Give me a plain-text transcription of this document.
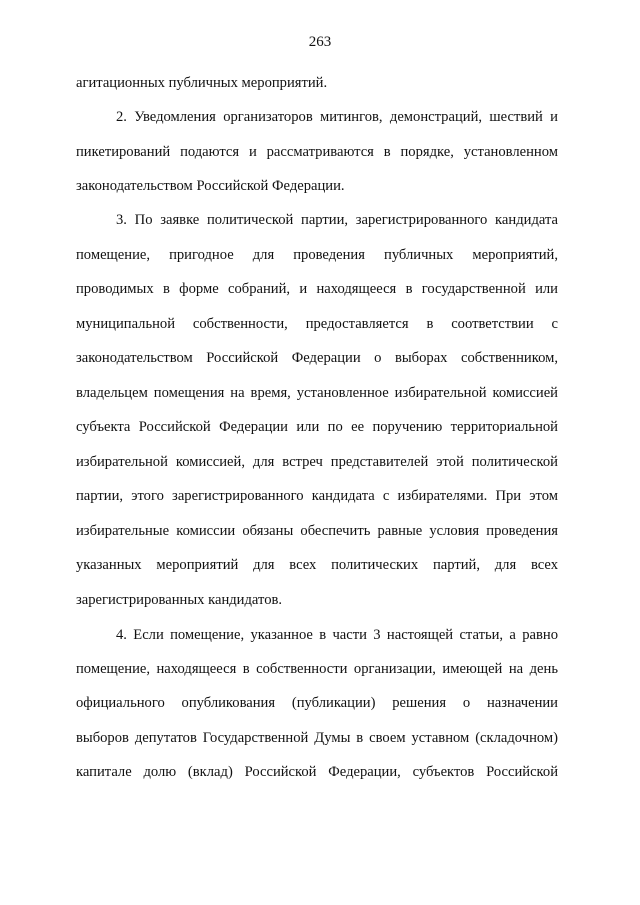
263
агитационных публичных мероприятий.
2. Уведомления организаторов митингов, демонстраций, шествий и
пикетирований подаются и рассматриваются в порядке, установленном
законодательством Российской Федерации.
3. По заявке политической партии, зарегистрированного кандидата
помещение, пригодное для проведения публичных мероприятий,
проводимых в форме собраний, и находящееся в государственной или
муниципальной собственности, предоставляется в соответствии с
законодательством Российской Федерации о выборах собственником,
владельцем помещения на время, установленное избирательной комиссией
субъекта Российской Федерации или по ее поручению территориальной
избирательной комиссией, для встреч представителей этой политической
партии, этого зарегистрированного кандидата с избирателями. При этом
избирательные комиссии обязаны обеспечить равные условия проведения
указанных мероприятий для всех политических партий, для всех
зарегистрированных кандидатов.
4. Если помещение, указанное в части 3 настоящей статьи, а равно
помещение, находящееся в собственности организации, имеющей на день
официального опубликования (публикации) решения о назначении
выборов депутатов Государственной Думы в своем уставном (складочном)
капитале долю (вклад) Российской Федерации, субъектов Российской
